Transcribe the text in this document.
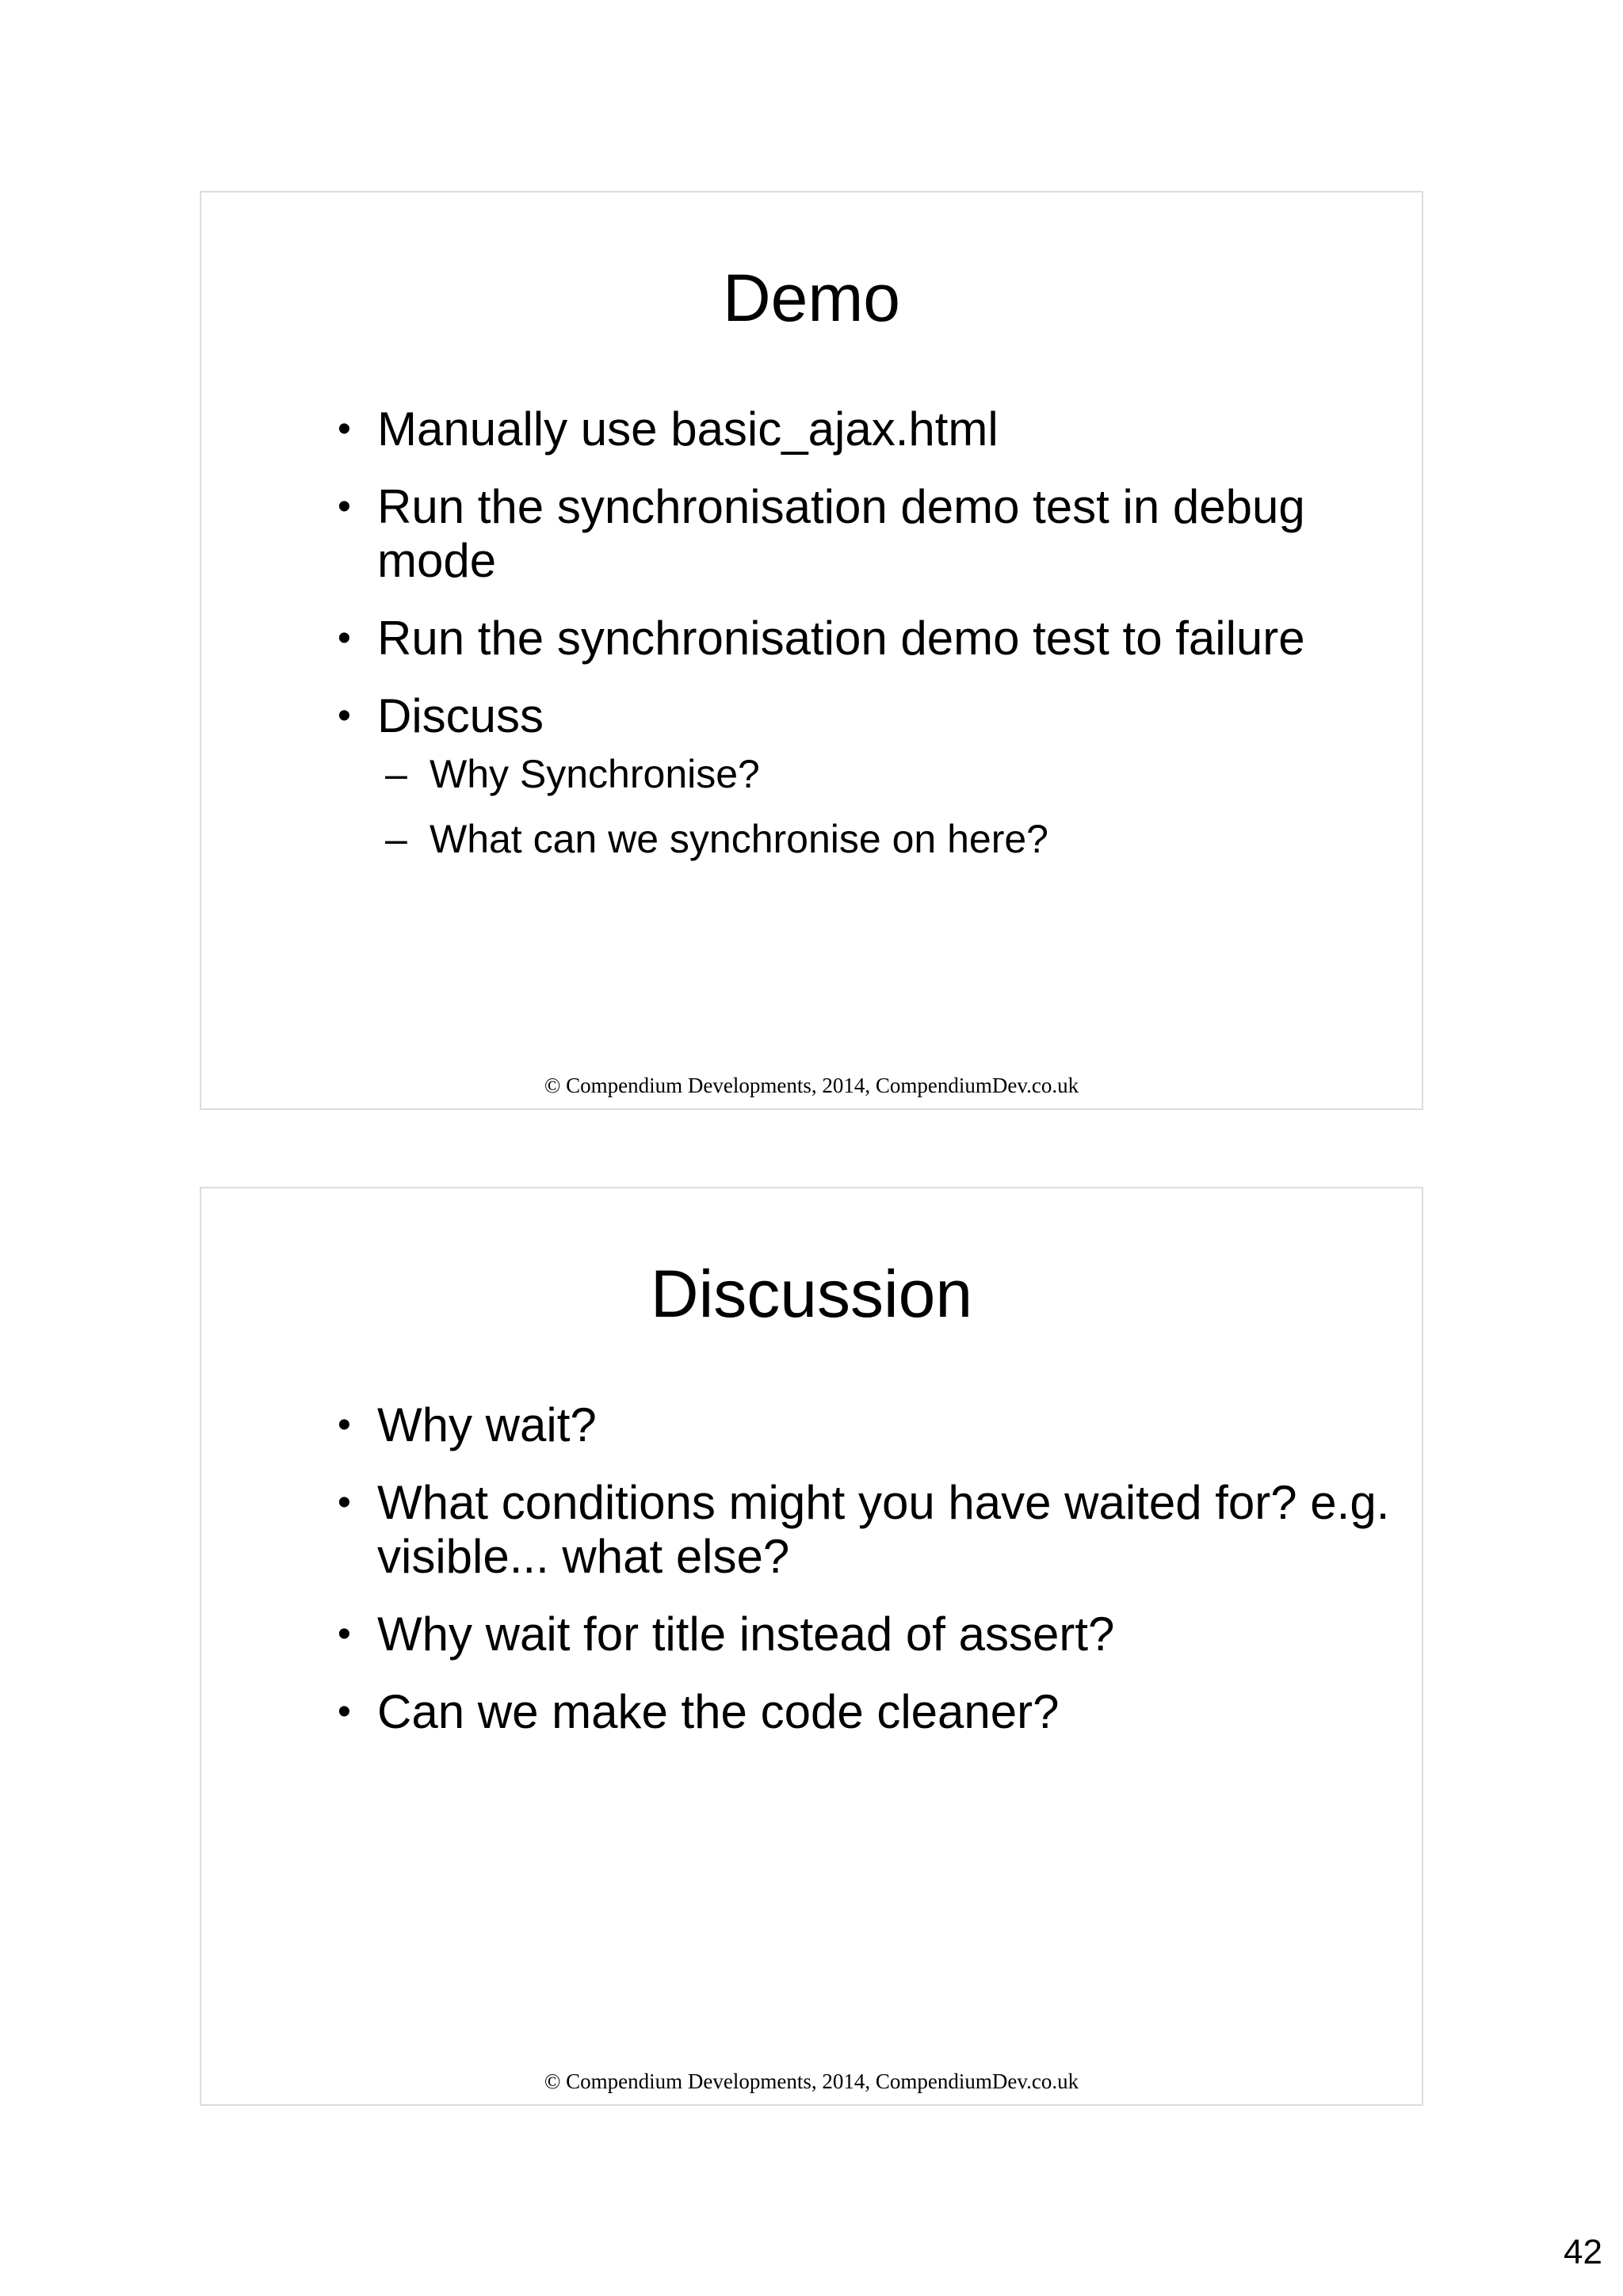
Demo
• Manually use basic_ajax.html
• Run the synchronisation demo test in debug mode
• Run the synchronisation demo test to failure
• Discuss
– Why Synchronise?
– What can we synchronise on here?
© Compendium Developments, 2014, CompendiumDev.co.uk
Discussion
• Why wait?
• What conditions might you have waited for? e.g. visible... what else?
• Why wait for title instead of assert?
• Can we make the code cleaner?
© Compendium Developments, 2014, CompendiumDev.co.uk
42
